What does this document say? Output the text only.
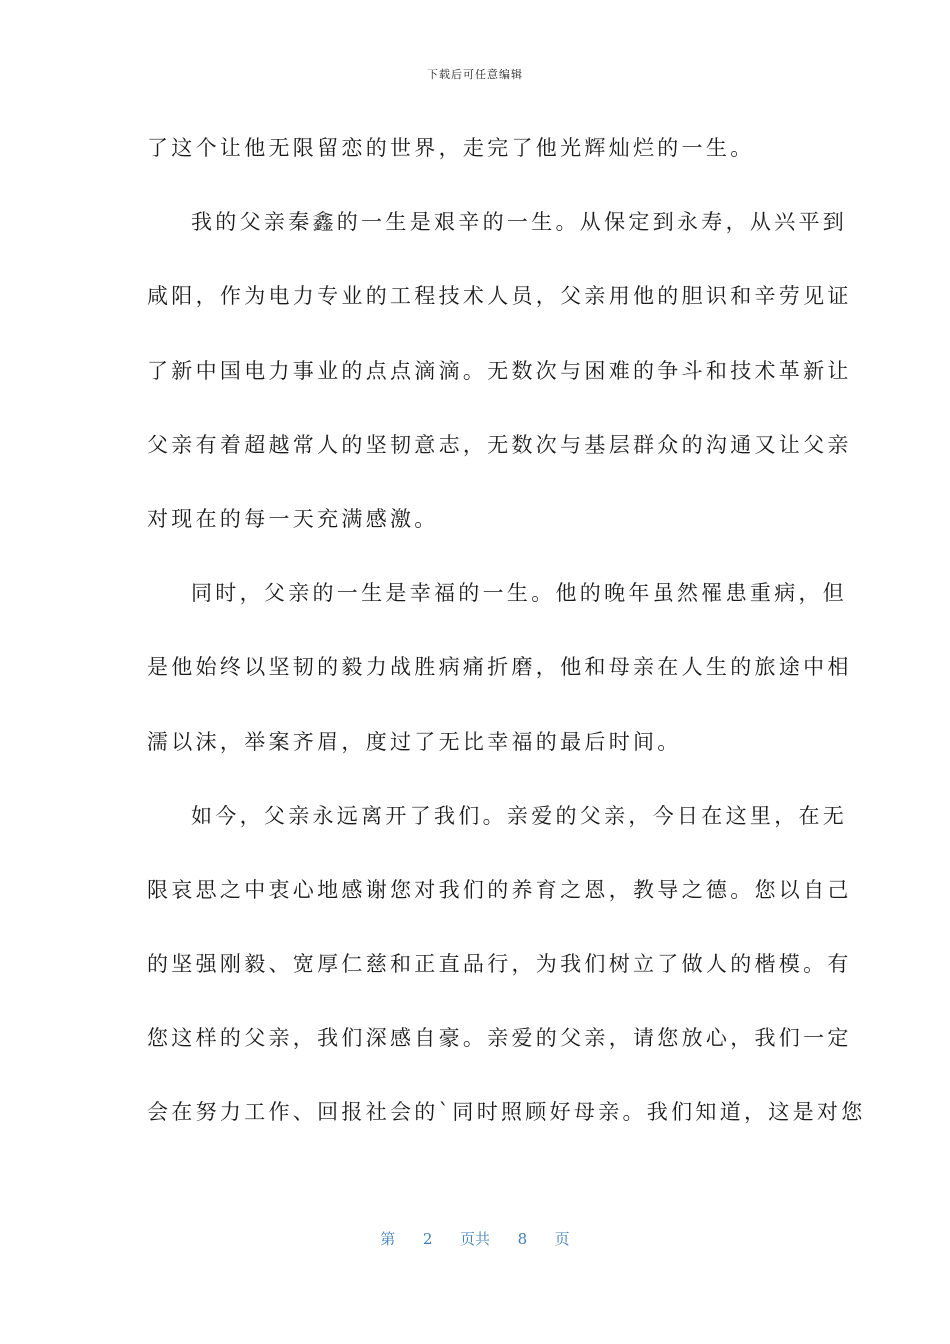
下载后可任意编辑
了这个让他无限留恋的世界，走完了他光辉灿烂的一生。
我的父亲秦鑫的一生是艰辛的一生。从保定到永寿，从兴平到
咸阳，作为电力专业的工程技术人员，父亲用他的胆识和辛劳见证
了新中国电力事业的点点滴滴。无数次与困难的争斗和技术革新让
父亲有着超越常人的坚韧意志，无数次与基层群众的沟通又让父亲
对现在的每一天充满感激。
同时，父亲的一生是幸福的一生。他的晚年虽然罹患重病，但
是他始终以坚韧的毅力战胜病痛折磨，他和母亲在人生的旅途中相
濡以沫，举案齐眉，度过了无比幸福的最后时间。
如今，父亲永远离开了我们。亲爱的父亲，今日在这里，在无
限哀思之中衷心地感谢您对我们的养育之恩，教导之德。您以自己
的坚强刚毅、宽厚仁慈和正直品行，为我们树立了做人的楷模。有
您这样的父亲，我们深感自豪。亲爱的父亲，请您放心，我们一定
会在努力工作、回报社会的`同时照顾好母亲。我们知道，这是对您
第 2 页共 8 页
